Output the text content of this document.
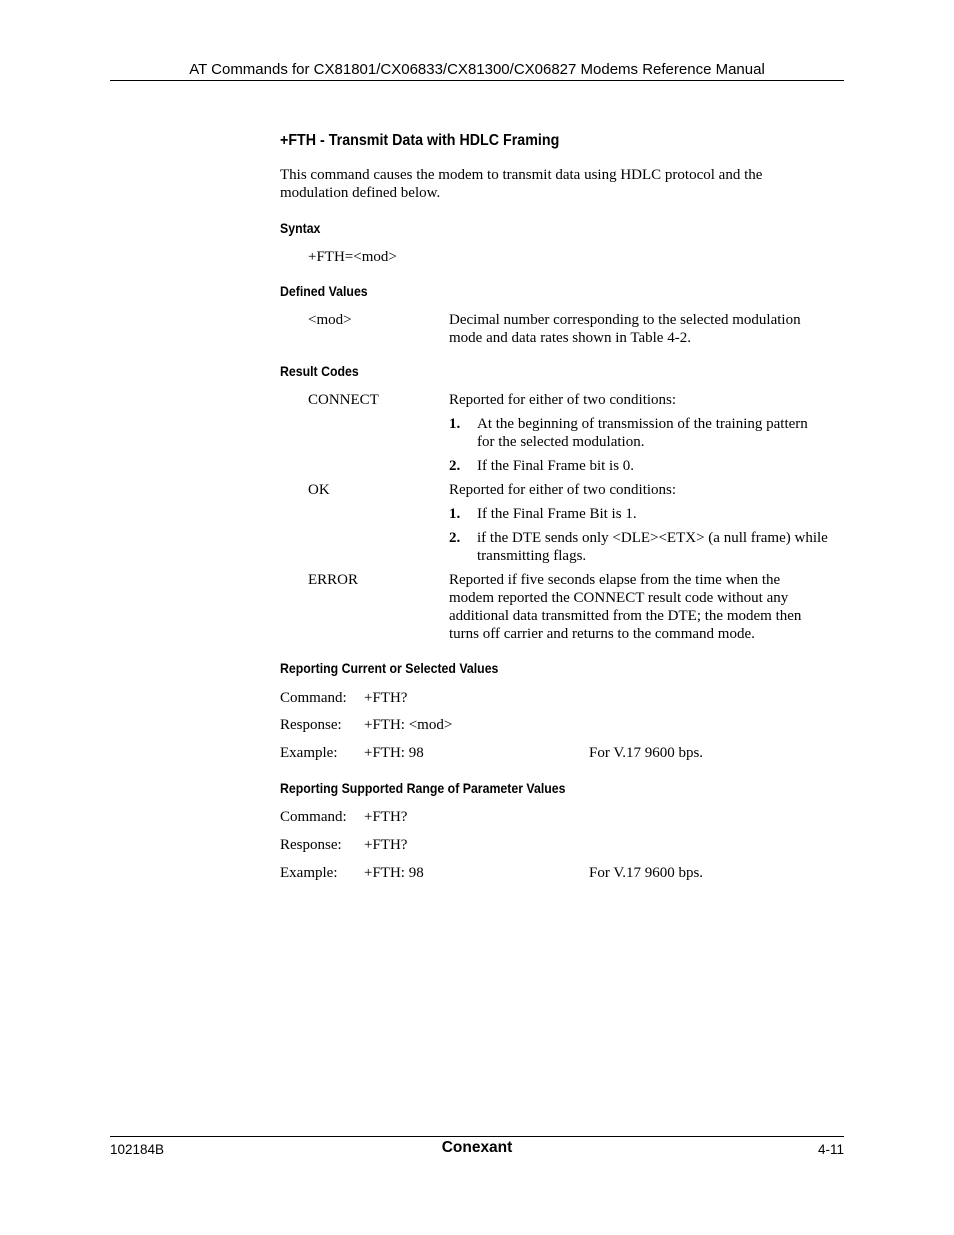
AT Commands for CX81801/CX06833/CX81300/CX06827 Modems Reference Manual
+FTH - Transmit Data with HDLC Framing
This command causes the modem to transmit data using HDLC protocol and the
modulation defined below.
Syntax
+FTH=<mod>
Defined Values
<mod>	Decimal number corresponding to the selected modulation
mode and data rates shown in Table 4-2.
Result Codes
CONNECT	Reported for either of two conditions:
1. At the beginning of transmission of the training pattern
for the selected modulation.
2. If the Final Frame bit is 0.
OK	Reported for either of two conditions:
1. If the Final Frame Bit is 1.
2. if the DTE sends only <DLE><ETX> (a null frame) while
transmitting flags.
ERROR	Reported if five seconds elapse from the time when the
modem reported the CONNECT result code without any
additional data transmitted from the DTE; the modem then
turns off carrier and returns to the command mode.
Reporting Current or Selected Values
Command: +FTH?
Response: +FTH: <mod>
Example: +FTH: 98	For V.17 9600 bps.
Reporting Supported Range of Parameter Values
Command: +FTH?
Response: +FTH?
Example: +FTH: 98	For V.17 9600 bps.
102184B	Conexant	4-11
